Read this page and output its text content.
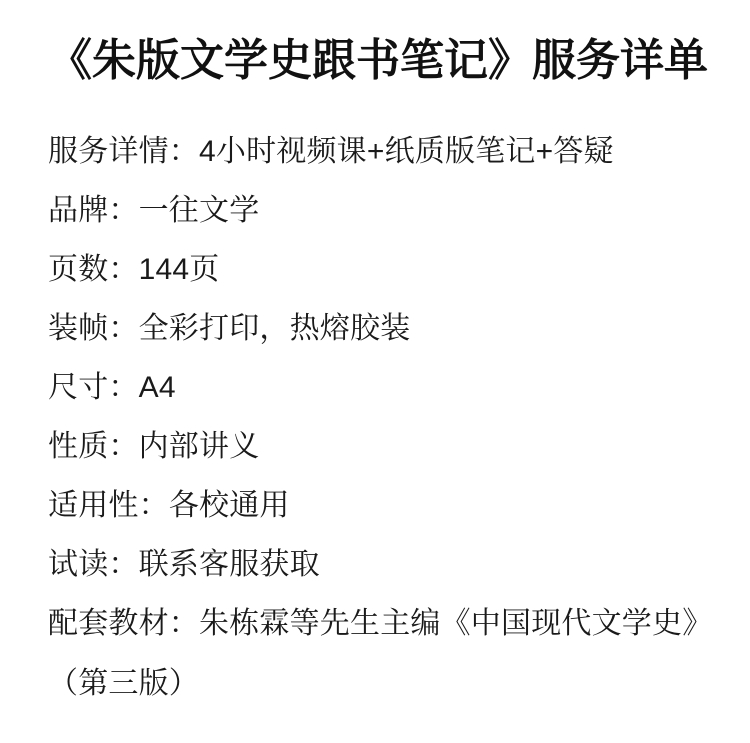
《朱版文学史跟书笔记》服务详单
服务详情：4小时视频课+纸质版笔记+答疑
品牌：一往文学
页数：144页
装帧：全彩打印，热熔胶装
尺寸：A4
性质：内部讲义
适用性：各校通用
试读：联系客服获取
配套教材：朱栋霖等先生主编《中国现代文学史》（第三版）
